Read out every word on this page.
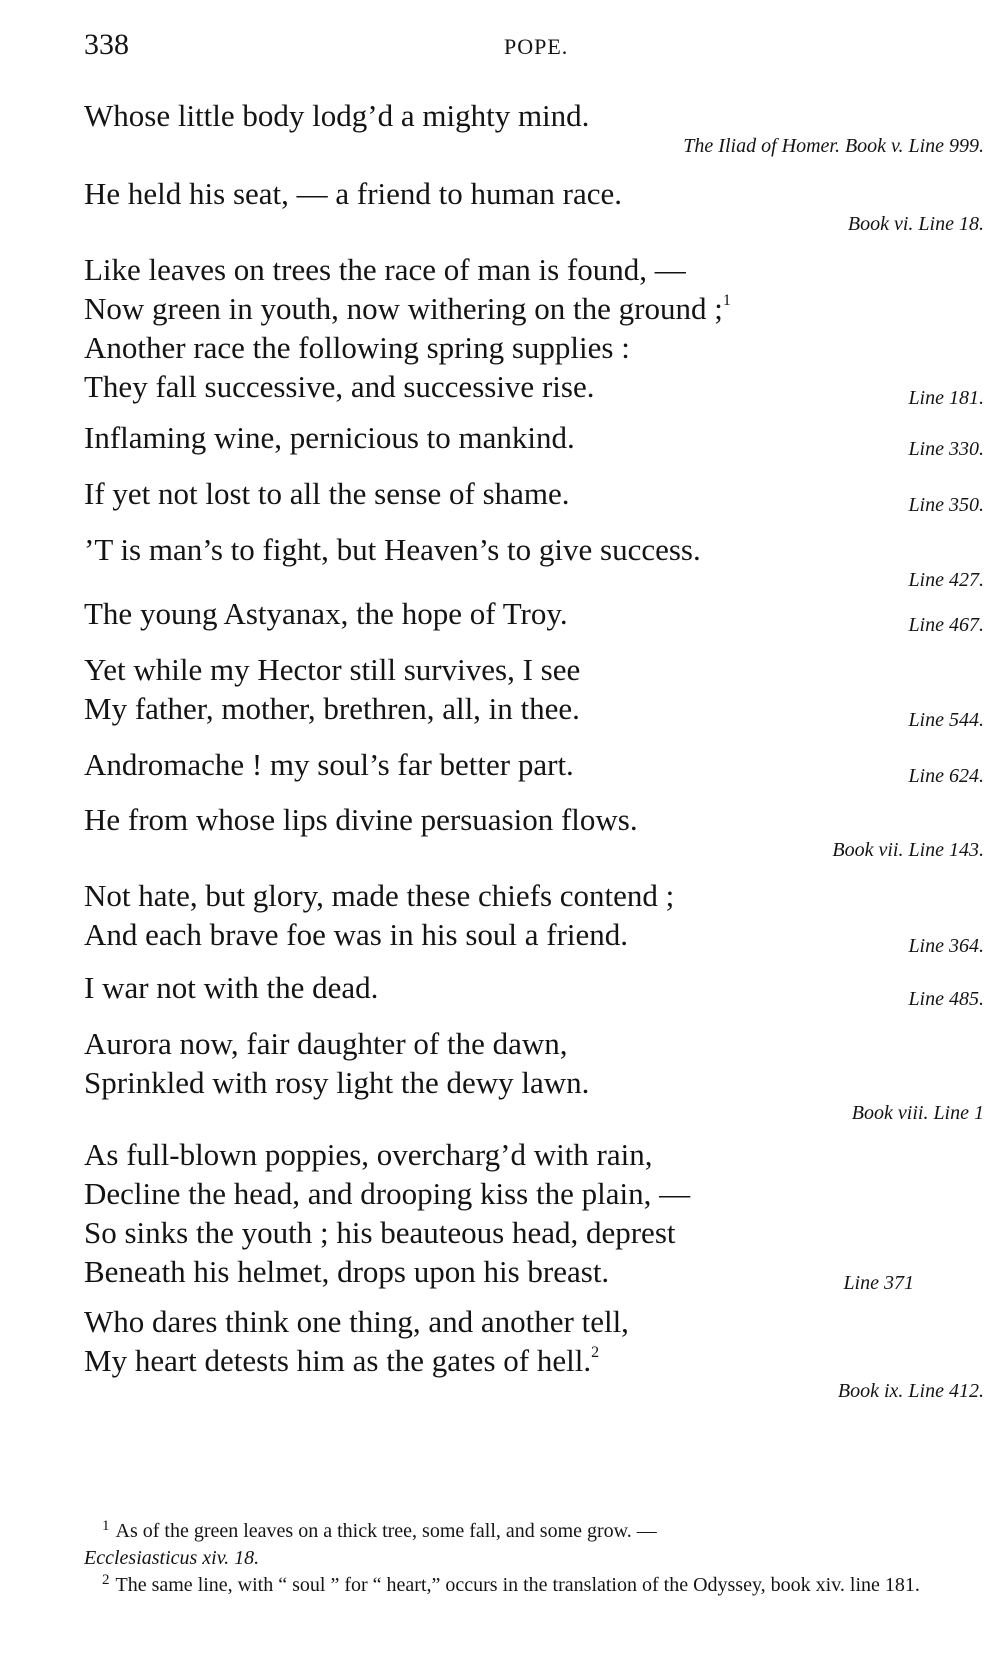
338	POPE.
Whose little body lodg’d a mighty mind.
The Iliad of Homer. Book v. Line 999.
He held his seat, — a friend to human race.
Book vi. Line 18.
Like leaves on trees the race of man is found, —
Now green in youth, now withering on the ground ;$^1$
Another race the following spring supplies :
They fall successive, and successive rise.	Line 181.
Inflaming wine, pernicious to mankind.	Line 330.
If yet not lost to all the sense of shame.	Line 350.
’T is man’s to fight, but Heaven’s to give success.
Line 427.
The young Astyanax, the hope of Troy.	Line 467.
Yet while my Hector still survives, I see
My father, mother, brethren, all, in thee.	Line 544.
Andromache ! my soul’s far better part.	Line 624.
He from whose lips divine persuasion flows.
Book vii. Line 143.
Not hate, but glory, made these chiefs contend ;
And each brave foe was in his soul a friend.	Line 364.
I war not with the dead.	Line 485.
Aurora now, fair daughter of the dawn,
Sprinkled with rosy light the dewy lawn.
Book viii. Line 1
As full-blown poppies, overcharg’d with rain,
Decline the head, and drooping kiss the plain, —
So sinks the youth ; his beauteous head, deprest
Beneath his helmet, drops upon his breast.	Line 371
Who dares think one thing, and another tell,
My heart detests him as the gates of hell.$^2$
Book ix. Line 412.
$^1$ As of the green leaves on a thick tree, some fall, and some grow. —
Ecclesiasticus xiv. 18.
$^2$ The same line, with “ soul ” for “ heart,” occurs in the translation of the Odyssey, book xiv. line 181.
